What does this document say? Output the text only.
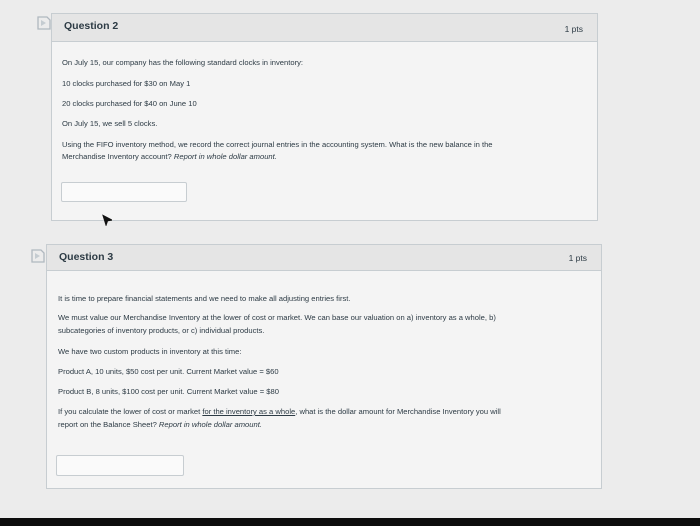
Question 2	1 pts

On July 15, our company has the following standard clocks in inventory:

10 clocks purchased for $30 on May 1

20 clocks purchased for $40 on June 10

On July 15, we sell 5 clocks.

Using the FIFO inventory method, we record the correct journal entries in the accounting system. What is the new balance in the

Merchandise Inventory account? Report in whole dollar amount.

Question 3	1 pts

It is time to prepare financial statements and we need to make all adjusting entries first.

We must value our Merchandise Inventory at the lower of cost or market. We can base our valuation on a) inventory as a whole, b)

subcategories of inventory products, or c) individual products.

We have two custom products in inventory at this time:

Product A, 10 units, $50 cost per unit. Current Market value = $60

Product B, 8 units, $100 cost per unit. Current Market value = $80

If you calculate the lower of cost or market for the inventory as a whole, what is the dollar amount for Merchandise Inventory you will

report on the Balance Sheet? Report in whole dollar amount.
